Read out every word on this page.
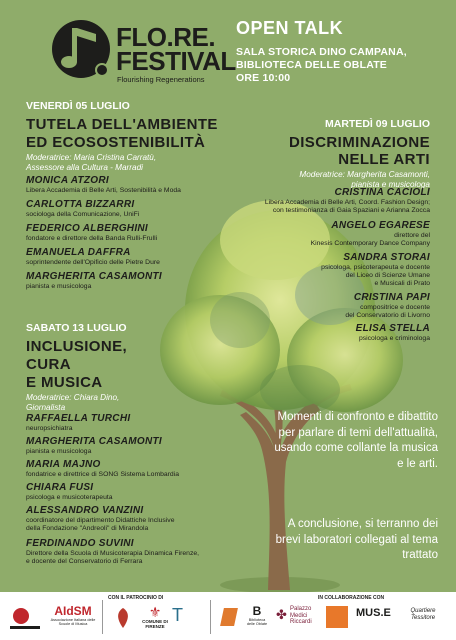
FLO.RE.
FESTIVAL
Flourishing Regenerations
OPEN TALK
SALA STORICA DINO CAMPANA,
BIBLIOTECA DELLE OBLATE
ORE 10:00
VENERDÌ 05 LUGLIO
TUTELA DELL'AMBIENTE
ED ECOSOSTENIBILITÀ
Moderatrice: Maria Cristina Carratù,
Assessore alla Cultura - Marradi
MONICA ATZORI
Libera Accademia di Belle Arti, Sostenibilità e Moda
CARLOTTA BIZZARRI
sociologa della Comunicazione, UniFi
FEDERICO ALBERGHINI
fondatore e direttore della Banda Rulli-Frulli
EMANUELA DAFFRA
soprintendente dell'Opificio delle Pietre Dure
MARGHERITA CASAMONTI
pianista e musicologa
MARTEDÌ 09 LUGLIO
DISCRIMINAZIONE
NELLE ARTI
Moderatrice: Margherita Casamonti,
pianista e musicologa
CRISTINA CACIOLI
Libera Accademia di Belle Arti, Coord. Fashion Design;
con testimonianza di Gaia Spaziani e Arianna Zocca
ANGELO EGARESE
direttore del
Kinesis Contemporary Dance Company
SANDRA STORAI
psicologa, psicoterapeuta e docente
del Liceo di Scienze Umane
e Musicali di Prato
CRISTINA PAPI
compositrice e docente
del Conservatorio di Livorno
ELISA STELLA
psicologa e criminologa
SABATO 13 LUGLIO
INCLUSIONE,
CURA
E MUSICA
Moderatrice: Chiara Dino,
Giornalista
RAFFAELLA TURCHI
neuropsichiatra
MARGHERITA CASAMONTI
pianista e musicologa
MARIA MAJNO
fondatrice e direttrice di SONG Sistema Lombardia
CHIARA FUSI
psicologa e musicoterapeuta
ALESSANDRO VANZINI
coordinatore del dipartimento Didattiche Inclusive
della Fondazione "Andreoli" di Mirandola
FERDINANDO SUVINI
Direttore della Scuola di Musicoterapia Dinamica Firenze,
e docente del Conservatorio di Ferrara
Momenti di confronto e dibattito per parlare di temi dell'attualità, usando come collante la musica e le arti.
A conclusione, si terranno dei brevi laboratori collegati al tema trattato
AIdSM
Associazione Italiana delle Scuole di Musica
CON IL PATROCINIO DI
⚜
COMUNE DI FIRENZE
T	B
Biblioteca delle Oblate
IN COLLABORAZIONE CON
✤ Palazzo Medici Riccardi
MUS.E	Quartiere Tessitore
